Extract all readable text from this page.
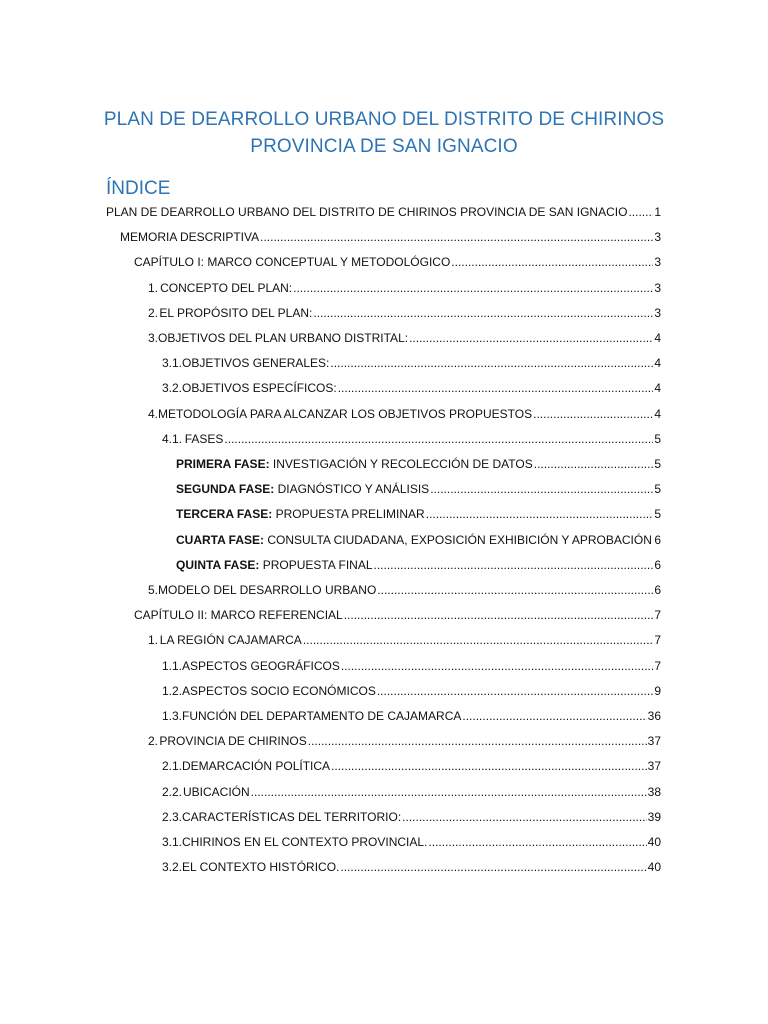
PLAN DE DEARROLLO URBANO DEL DISTRITO DE CHIRINOS
PROVINCIA DE SAN IGNACIO
ÍNDICE
PLAN DE DEARROLLO URBANO DEL DISTRITO DE CHIRINOS PROVINCIA DE SAN IGNACIO ..... 1
MEMORIA DESCRIPTIVA .....	3
CAPÍTULO I: MARCO CONCEPTUAL Y METODOLÓGICO .....	3
1. CONCEPTO DEL PLAN: .....	3
2. EL PROPÓSITO DEL PLAN: .....	3
3. OBJETIVOS DEL PLAN URBANO DISTRITAL: .....	4
3.1. OBJETIVOS GENERALES: .....	4
3.2. OBJETIVOS ESPECÍFICOS: .....	4
4. METODOLOGÍA PARA ALCANZAR LOS OBJETIVOS PROPUESTOS .....	4
4.1. FASES .....	5
PRIMERA FASE: INVESTIGACIÓN Y RECOLECCIÓN DE DATOS .....	5
SEGUNDA FASE: DIAGNÓSTICO Y ANÁLISIS .....	5
TERCERA FASE: PROPUESTA PRELIMINAR .....	5
CUARTA FASE: CONSULTA CIUDADANA, EXPOSICIÓN EXHIBICIÓN Y APROBACIÓN ..... 6
QUINTA FASE: PROPUESTA FINAL .....	6
5. MODELO DEL DESARROLLO URBANO .....	6
CAPÍTULO II: MARCO REFERENCIAL .....	7
1. LA REGIÓN CAJAMARCA .....	7
1.1. ASPECTOS GEOGRÁFICOS .....	7
1.2. ASPECTOS SOCIO ECONÓMICOS .....	9
1.3. FUNCIÓN DEL DEPARTAMENTO DE CAJAMARCA .....	36
2. PROVINCIA DE CHIRINOS .....	37
2.1. DEMARCACIÓN POLÍTICA .....	37
2.2. UBICACIÓN .....	38
2.3. CARACTERÍSTICAS DEL TERRITORIO: .....	39
3.1. CHIRINOS EN EL CONTEXTO PROVINCIAL. .....	40
3.2. EL CONTEXTO HISTÓRICO. .....	40
